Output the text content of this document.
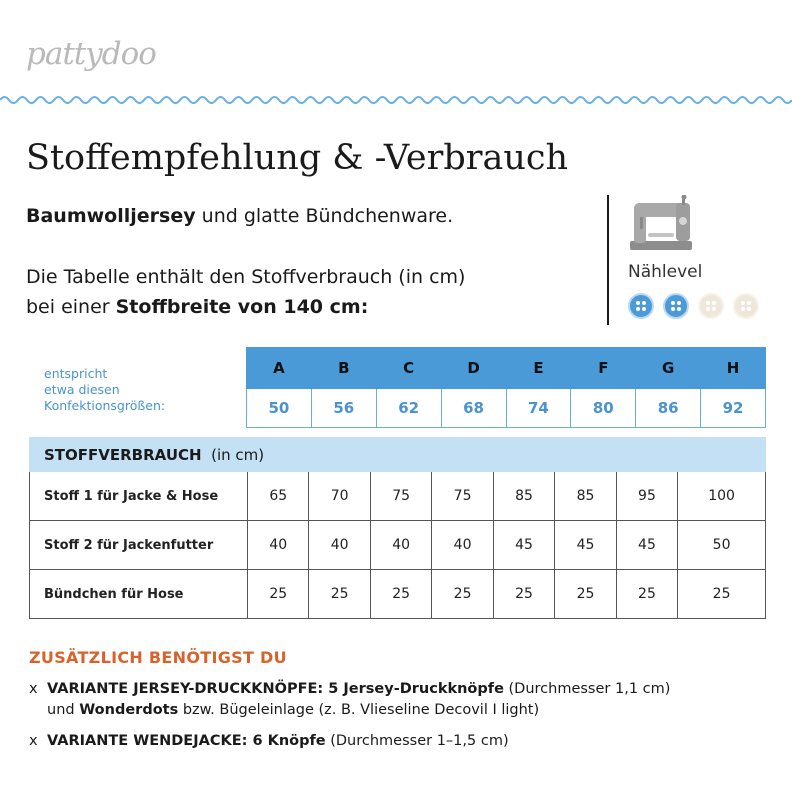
pattydoo
Stoffempfehlung & -Verbrauch
Baumwolljersey und glatte Bündchenware.
Die Tabelle enthält den Stoffverbrauch (in cm)
bei einer Stoffbreite von 140 cm:
Nählevel
entspricht
etwa diesen
Konfektionsgrößen:
A	B	C	D	E	F	G	H
50	56	62	68	74	80	86	92
STOFFVERBRAUCH (in cm)								
Stoff 1 für Jacke & Hose	65	70	75	75	85	85	95	100
Stoff 2 für Jackenfutter	40	40	40	40	45	45	45	50
Bündchen für Hose	25	25	25	25	25	25	25	25
ZUSÄTZLICH BENÖTIGST DU
x VARIANTE JERSEY-DRUCKKNÖPFE: 5 Jersey-Druckknöpfe (Durchmesser 1,1 cm)
und Wonderdots bzw. Bügeleinlage (z. B. Vlieseline Decovil I light)
x VARIANTE WENDEJACKE: 6 Knöpfe (Durchmesser 1–1,5 cm)
